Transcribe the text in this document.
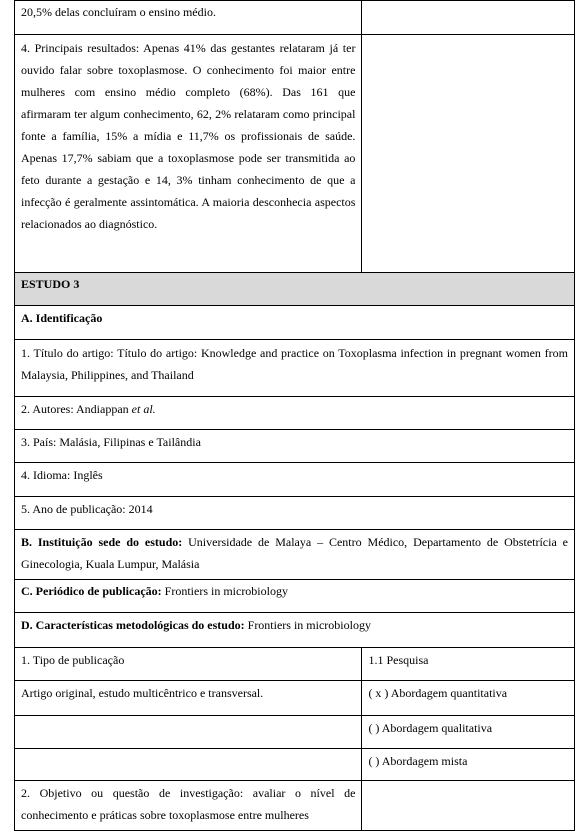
20,5% delas concluíram o ensino médio.	
4. Principais resultados: Apenas 41% das gestantes relataram já ter ouvido falar sobre toxoplasmose. O conhecimento foi maior entre mulheres com ensino médio completo (68%). Das 161 que afirmaram ter algum conhecimento, 62, 2% relataram como principal fonte a família, 15% a mídia e 11,7% os profissionais de saúde. Apenas 17,7% sabiam que a toxoplasmose pode ser transmitida ao feto durante a gestação e 14, 3% tinham conhecimento de que a infecção é geralmente assintomática. A maioria desconhecia aspectos relacionados ao diagnóstico.	
ESTUDO 3	
A. Identificação	
1. Título do artigo: Título do artigo: Knowledge and practice on Toxoplasma infection in pregnant women from Malaysia, Philippines, and Thailand	
2. Autores: Andiappan et al.	
3. País: Malásia, Filipinas e Tailândia	
4. Idioma: Inglês	
5. Ano de publicação: 2014	
B. Instituição sede do estudo: Universidade de Malaya – Centro Médico, Departamento de Obstetrícia e Ginecologia, Kuala Lumpur, Malásia	
C. Periódico de publicação: Frontiers in microbiology	
D. Características metodológicas do estudo: Frontiers in microbiology	
1. Tipo de publicação	1.1 Pesquisa
Artigo original, estudo multicêntrico e transversal.	( x ) Abordagem quantitativa
	( ) Abordagem qualitativa
	( ) Abordagem mista
2. Objetivo ou questão de investigação: avaliar o nível de conhecimento e práticas sobre toxoplasmose entre mulheres	
